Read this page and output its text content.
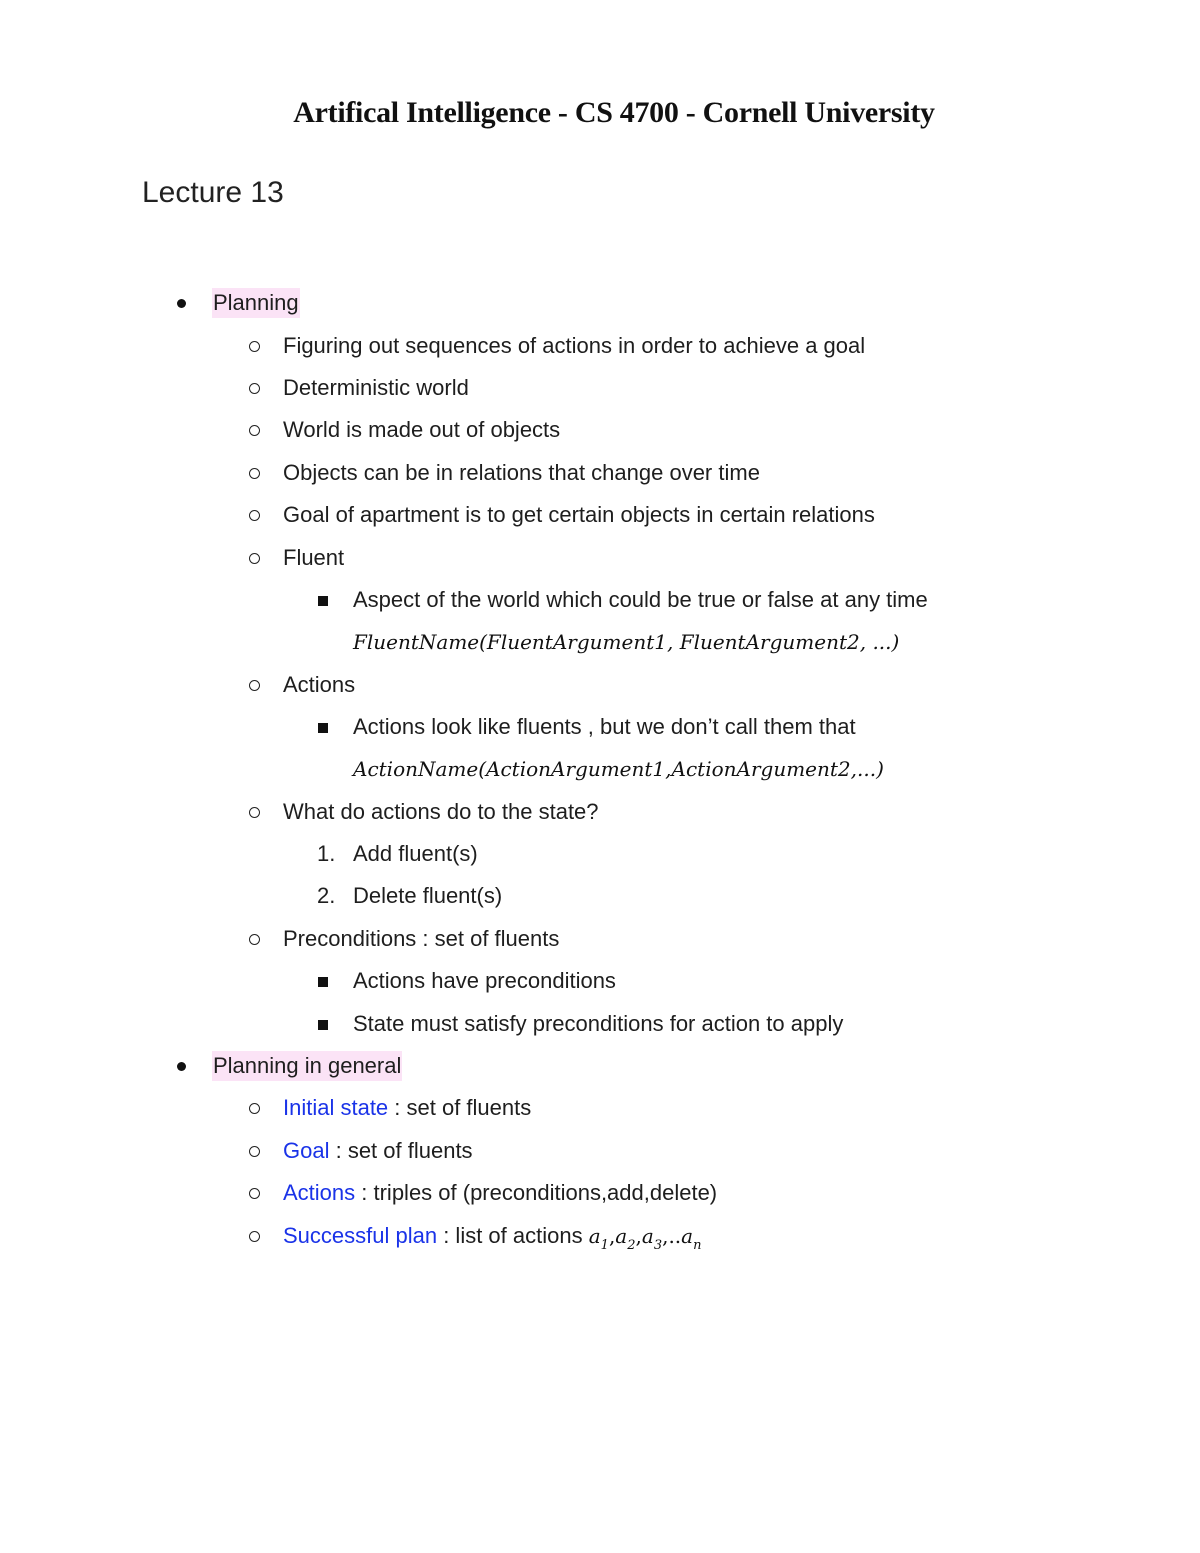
Artifical Intelligence - CS 4700 - Cornell University
Lecture 13
Planning
Figuring out sequences of actions in order to achieve a goal
Deterministic world
World is made out of objects
Objects can be in relations that change over time
Goal of apartment is to get certain objects in certain relations
Fluent
Aspect of the world which could be true or false at any time
FluentName(FluentArgument1, FluentArgument2, ...)
Actions
Actions look like fluents , but we don’t call them that
ActionName(ActionArgument1,ActionArgument2,...)
What do actions do to the state?
1. Add fluent(s)
2. Delete fluent(s)
Preconditions : set of fluents
Actions have preconditions
State must satisfy preconditions for action to apply
Planning in general
Initial state : set of fluents
Goal : set of fluents
Actions : triples of (preconditions,add,delete)
Successful plan : list of actions $a_1,a_2,a_3,..a_n$
